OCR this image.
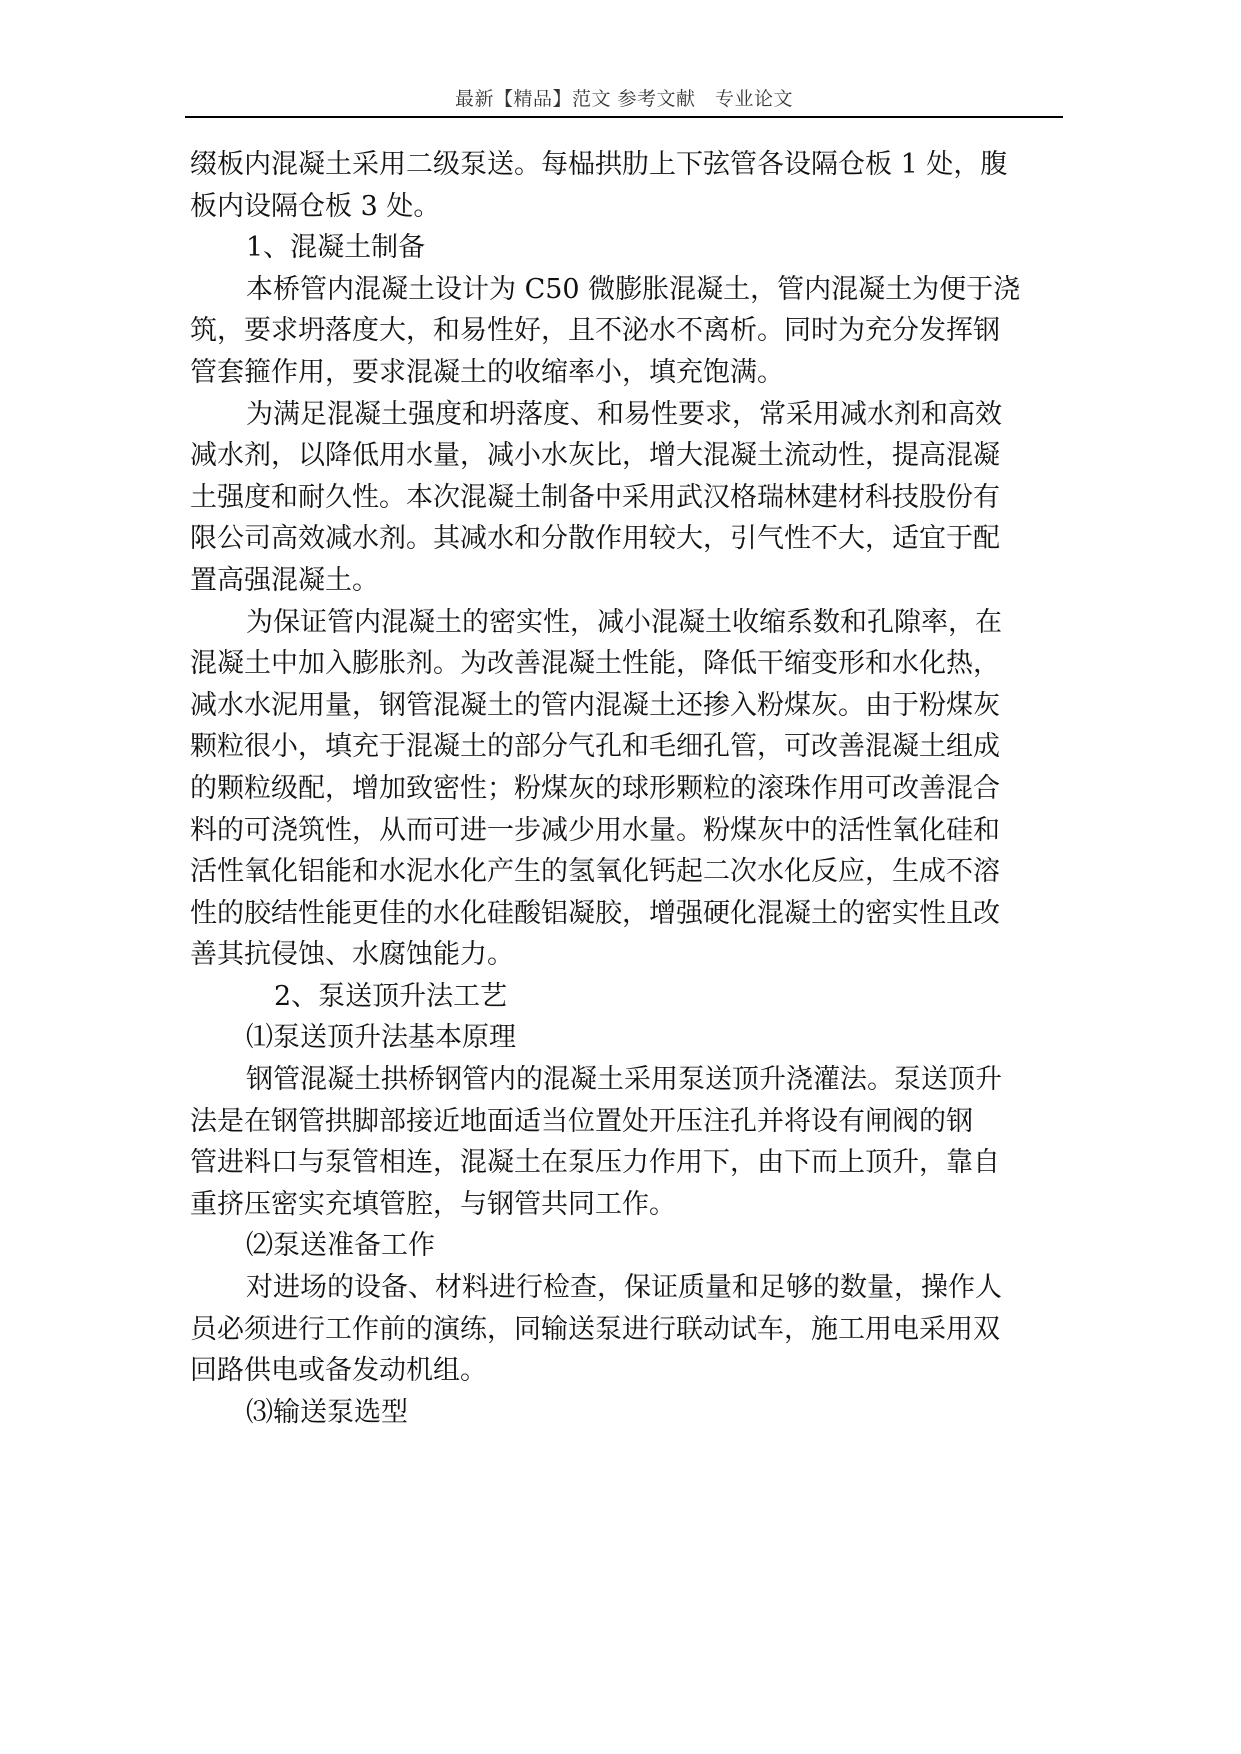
最新【精品】范文 参考文献　专业论文
缀板内混凝土采用二级泵送。每榀拱肋上下弦管各设隔仓板 1 处，腹
板内设隔仓板 3 处。
1、混凝土制备
本桥管内混凝土设计为 C50 微膨胀混凝土，管内混凝土为便于浇
筑，要求坍落度大，和易性好，且不泌水不离析。同时为充分发挥钢
管套箍作用，要求混凝土的收缩率小，填充饱满。
为满足混凝土强度和坍落度、和易性要求，常采用减水剂和高效
减水剂，以降低用水量，减小水灰比，增大混凝土流动性，提高混凝
土强度和耐久性。本次混凝土制备中采用武汉格瑞林建材科技股份有
限公司高效减水剂。其减水和分散作用较大，引气性不大，适宜于配
置高强混凝土。
为保证管内混凝土的密实性，减小混凝土收缩系数和孔隙率，在
混凝土中加入膨胀剂。为改善混凝土性能，降低干缩变形和水化热，
减水水泥用量，钢管混凝土的管内混凝土还掺入粉煤灰。由于粉煤灰
颗粒很小，填充于混凝土的部分气孔和毛细孔管，可改善混凝土组成
的颗粒级配，增加致密性；粉煤灰的球形颗粒的滚珠作用可改善混合
料的可浇筑性，从而可进一步减少用水量。粉煤灰中的活性氧化硅和
活性氧化铝能和水泥水化产生的氢氧化钙起二次水化反应，生成不溶
性的胶结性能更佳的水化硅酸铝凝胶，增强硬化混凝土的密实性且改
善其抗侵蚀、水腐蚀能力。
2、泵送顶升法工艺
⑴泵送顶升法基本原理
钢管混凝土拱桥钢管内的混凝土采用泵送顶升浇灌法。泵送顶升
法是在钢管拱脚部接近地面适当位置处开压注孔并将设有闸阀的钢
管进料口与泵管相连，混凝土在泵压力作用下，由下而上顶升，靠自
重挤压密实充填管腔，与钢管共同工作。
⑵泵送准备工作
对进场的设备、材料进行检查，保证质量和足够的数量，操作人
员必须进行工作前的演练，同输送泵进行联动试车，施工用电采用双
回路供电或备发动机组。
⑶输送泵选型
